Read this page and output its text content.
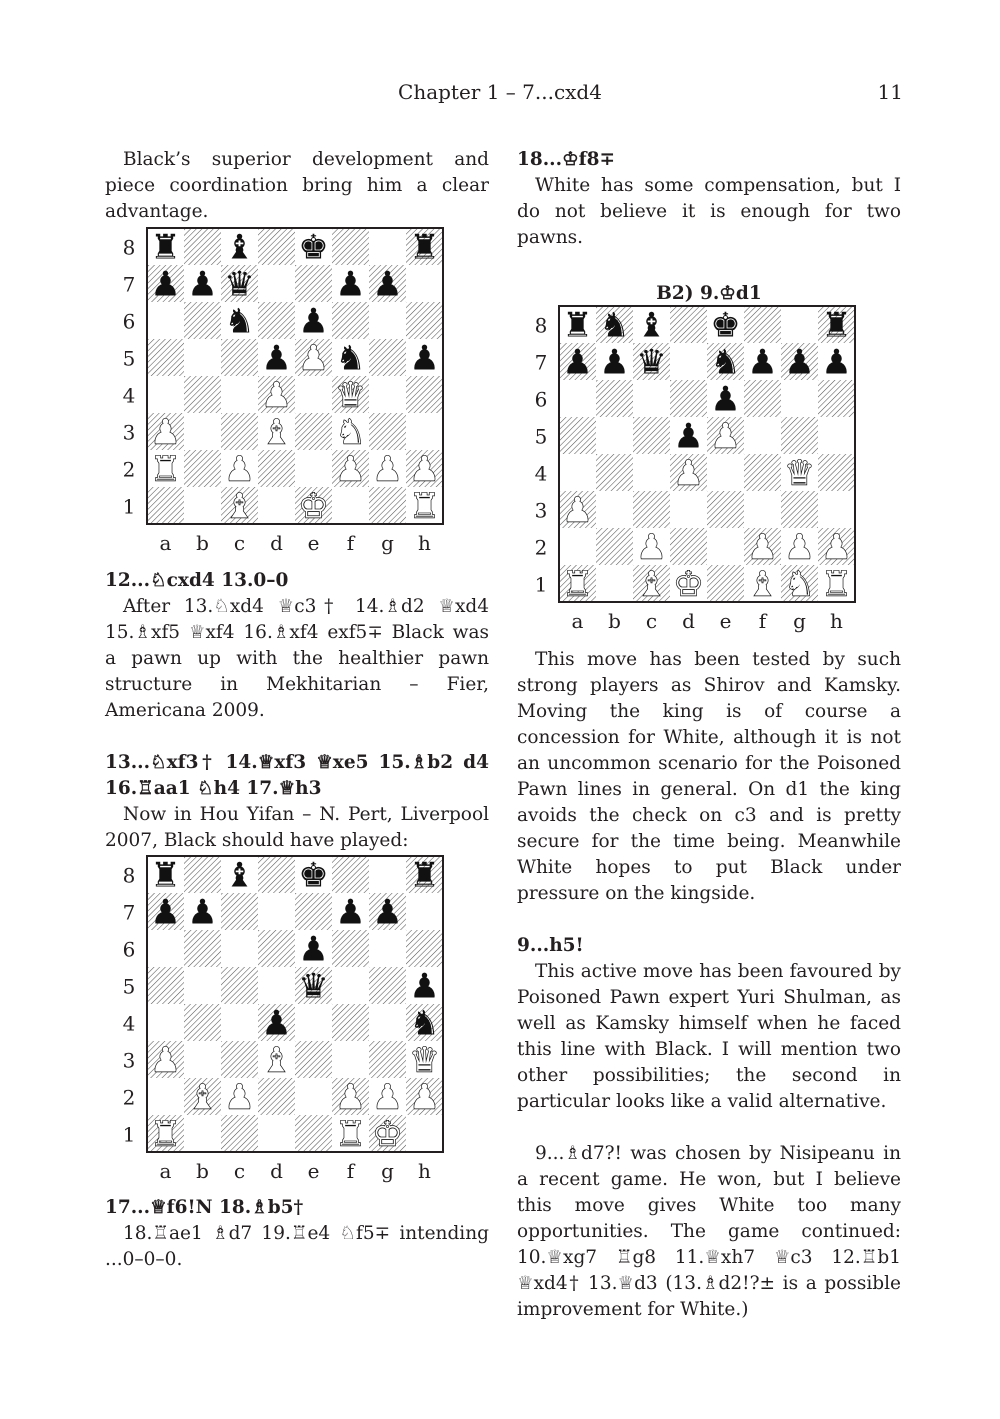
Chapter 1 – 7...cxd4	11

Black’s superior development and piece coordination bring him a clear advantage.

♜ ♝ ♚ ♜
♟ ♟ ♛ ♟ ♟
♞ ♟
♟ ♟ ♞ ♟
♟ ♛
♟ ♝ ♞
♜ ♟ ♟ ♟ ♟
♝ ♚ ♜
8
7
6
5
4
3
2
1
a b c d e f g h

12...♘cxd4 13.0–0

After 13.♘xd4 ♕c3† 14.♗d2 ♕xd4 15.♗xf5 ♕xf4 16.♗xf4 exf5∓ Black was a pawn up with the healthier pawn structure in Mekhitarian – Fier, Americana 2009.

13...♘xf3† 14.♕xf3 ♕xe5 15.♗b2 d4 16.♖aa1 ♘h4 17.♕h3

Now in Hou Yifan – N. Pert, Liverpool 2007, Black should have played:

♜ ♝ ♚ ♜
♟ ♟	♟ ♟
♟
♛ ♟
♟	♞
♟ ♝	♛
♝ ♟ ♟ ♟ ♟
♜	♜ ♚
8
7
6
5
4
3
2
1
a b c d e f g h

17...♕f6!N 18.♗b5†

18.♖ae1 ♗d7 19.♖e4 ♘f5∓ intending ...0–0–0.

18...♔f8∓

White has some compensation, but I do not believe it is enough for two pawns.

B2) 9.♔d1

♜ ♞ ♝ ♚ ♜
♟ ♟ ♛ ♞ ♟ ♟ ♟
♟
♟ ♟
♟ ♛
♟
♟ ♟ ♟ ♟
♜ ♝ ♚ ♝ ♞ ♜
8
7
6
5
4
3
2
1
a b c d e f g h

This move has been tested by such strong players as Shirov and Kamsky. Moving the king is of course a concession for White, although it is not an uncommon scenario for the Poisoned Pawn lines in general. On d1 the king avoids the check on c3 and is pretty secure for the time being. Meanwhile White hopes to put Black under pressure on the kingside.

9...h5!

This active move has been favoured by Poisoned Pawn expert Yuri Shulman, as well as Kamsky himself when he faced this line with Black. I will mention two other possibilities; the second in particular looks like a valid alternative.

9...♗d7?! was chosen by Nisipeanu in a recent game. He won, but I believe this move gives White too many opportunities. The game continued: 10.♕xg7 ♖g8 11.♕xh7 ♕c3 12.♖b1 ♕xd4† 13.♕d3 (13.♗d2!?± is a possible improvement for White.)
